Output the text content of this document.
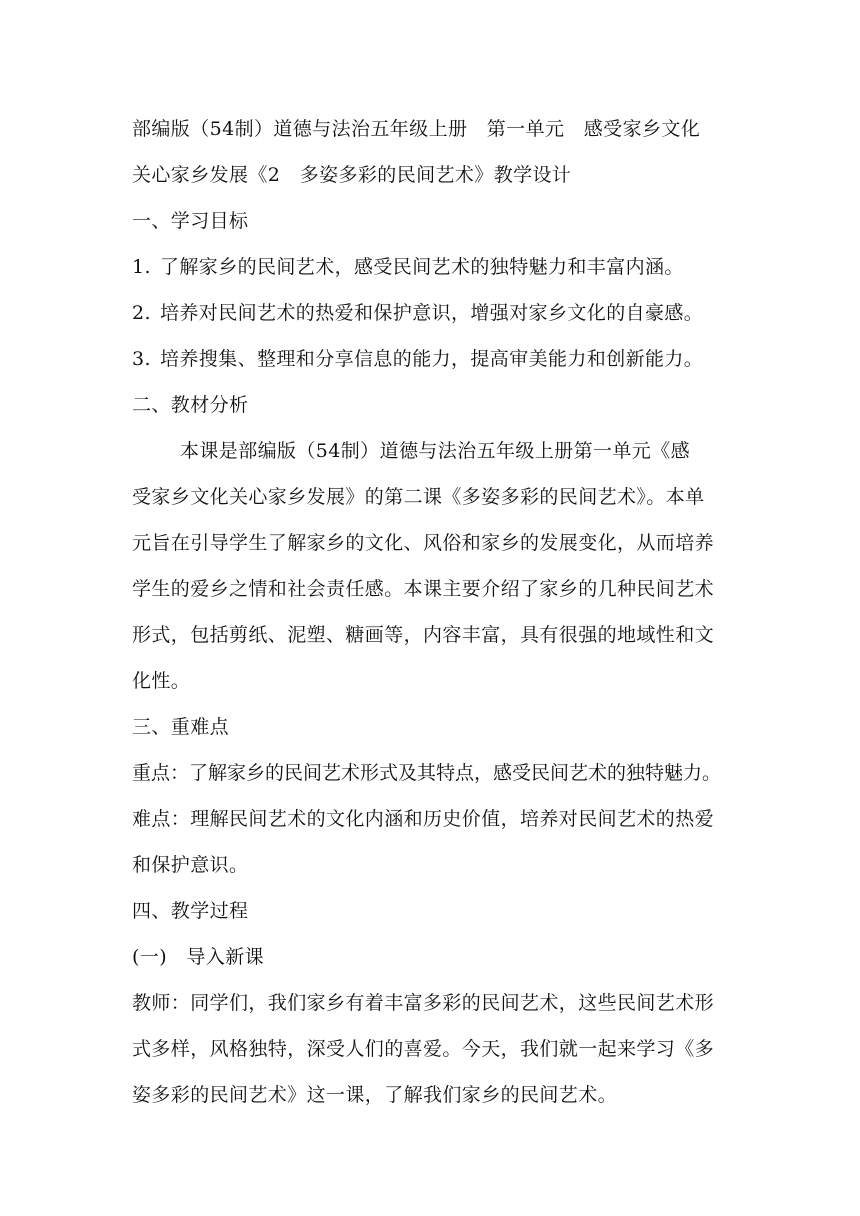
部编版（54制）道德与法治五年级上册　第一单元　感受家乡文化
关心家乡发展《2　多姿多彩的民间艺术》教学设计
一、学习目标
1. 了解家乡的民间艺术，感受民间艺术的独特魅力和丰富内涵。
2. 培养对民间艺术的热爱和保护意识，增强对家乡文化的自豪感。
3. 培养搜集、整理和分享信息的能力，提高审美能力和创新能力。
二、教材分析
本课是部编版（54制）道德与法治五年级上册第一单元《感
受家乡文化关心家乡发展》的第二课《多姿多彩的民间艺术》。本单
元旨在引导学生了解家乡的文化、风俗和家乡的发展变化，从而培养
学生的爱乡之情和社会责任感。本课主要介绍了家乡的几种民间艺术
形式，包括剪纸、泥塑、糖画等，内容丰富，具有很强的地域性和文
化性。
三、重难点
重点：了解家乡的民间艺术形式及其特点，感受民间艺术的独特魅力。
难点：理解民间艺术的文化内涵和历史价值，培养对民间艺术的热爱
和保护意识。
四、教学过程
(一)　导入新课
教师：同学们，我们家乡有着丰富多彩的民间艺术，这些民间艺术形
式多样，风格独特，深受人们的喜爱。今天，我们就一起来学习《多
姿多彩的民间艺术》这一课，了解我们家乡的民间艺术。
